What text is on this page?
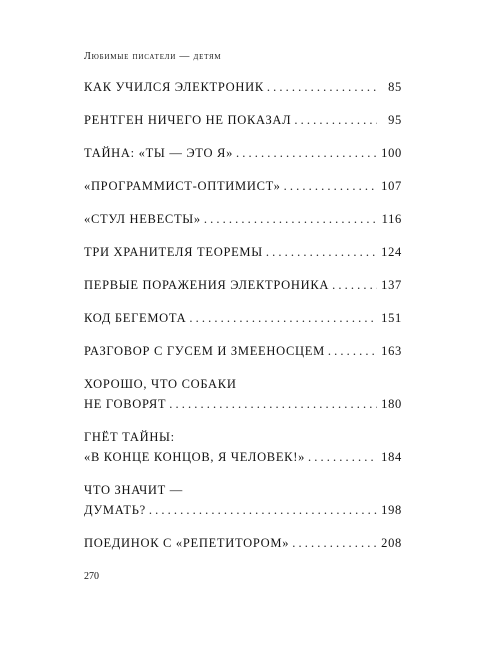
Любимые писатели — детям
КАК УЧИЛСЯ ЭЛЕКТРОНИК . . .	85
РЕНТГЕН НИЧЕГО НЕ ПОКАЗАЛ . . .	95
ТАЙНА: «ТЫ — ЭТО Я» . . .	100
«ПРОГРАММИСТ-ОПТИМИСТ» . . .	107
«СТУЛ НЕВЕСТЫ» . . .	116
ТРИ ХРАНИТЕЛЯ ТЕОРЕМЫ . . .	124
ПЕРВЫЕ ПОРАЖЕНИЯ ЭЛЕКТРОНИКА . . .	137
КОД БЕГЕМОТА . . .	151
РАЗГОВОР С ГУСЕМ И ЗМЕЕНОСЦЕМ . . .	163
ХОРОШО, ЧТО СОБАКИ
НЕ ГОВОРЯТ . . .	180
ГНЁТ ТАЙНЫ:
«В КОНЦЕ КОНЦОВ, Я ЧЕЛОВЕК!» . . .	184
ЧТО ЗНАЧИТ —
ДУМАТЬ? . . .	198
ПОЕДИНОК С «РЕПЕТИТОРОМ» . . .	208
270
